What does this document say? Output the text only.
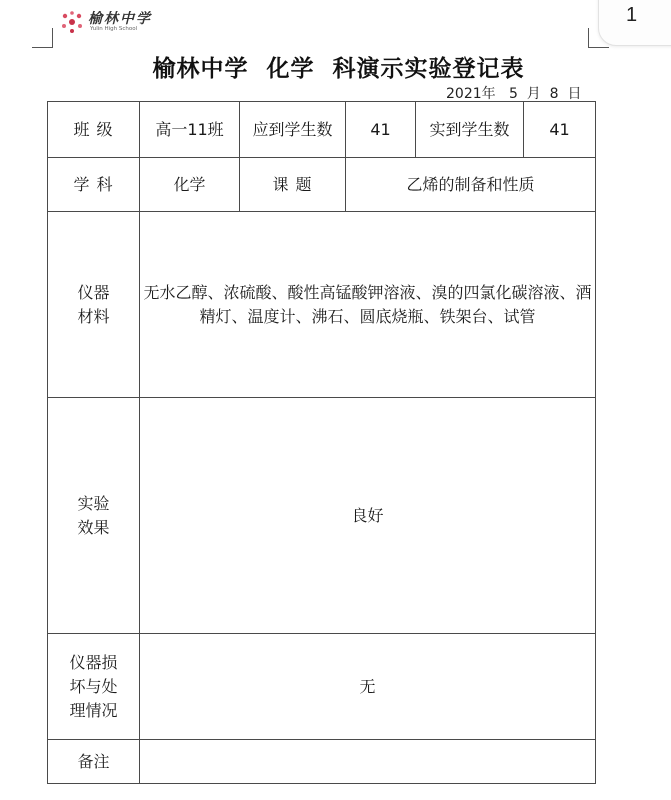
榆林中学
Yulin High School
1
榆林中学  化学  科演示实验登记表
2021年   5  月  8  日
班 级	高一11班	应到学生数	41	实到学生数	41
学 科	化学	课 题	乙烯的制备和性质		

仪器
材料	无水乙醇、浓硫酸、酸性高锰酸钾溶液、溴的四氯化碳溶液、酒精灯、温度计、沸石、圆底烧瓶、铁架台、试管				

实验
效果	良好				

仪器损
坏与处
理情况	无				
备注					
